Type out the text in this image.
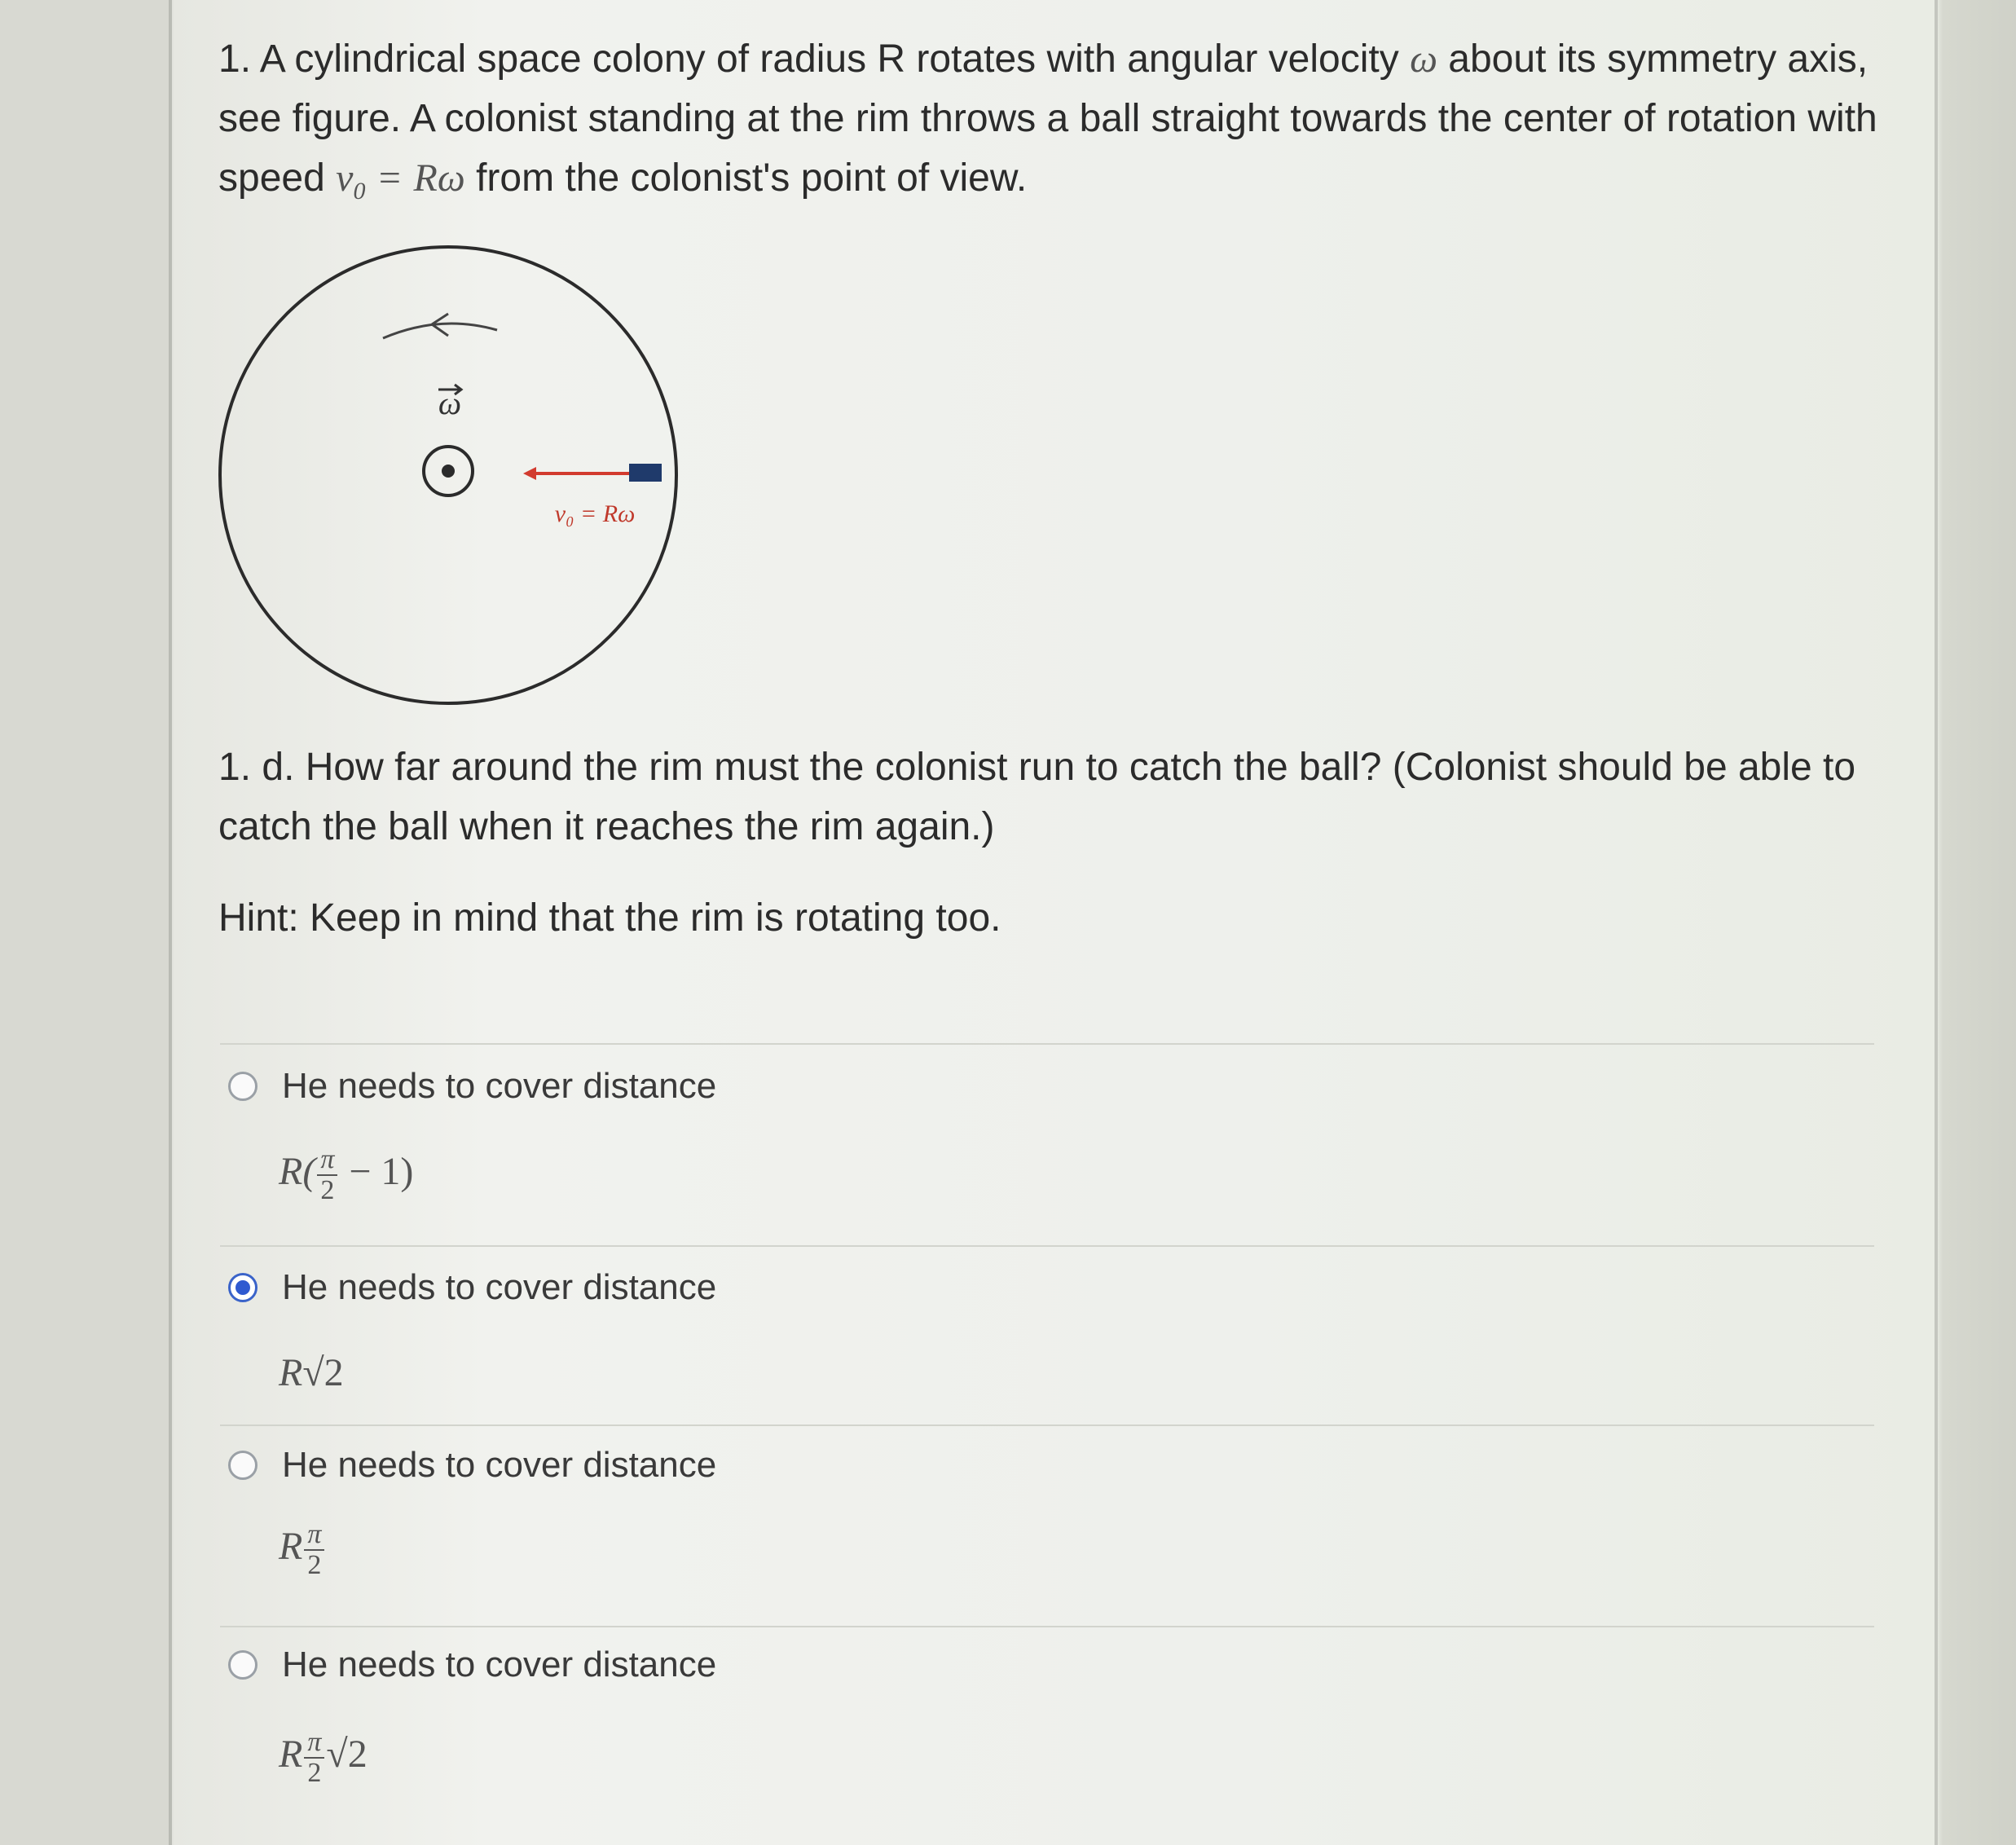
1. A cylindrical space colony of radius R rotates with angular velocity ω about its symmetry axis, see figure. A colonist standing at the rim throws a ball straight towards the center of rotation with speed $v_0 = R\omega$ from the colonist's point of view.
ω
v₀ = Rω
1. d. How far around the rim must the colonist run to catch the ball? (Colonist should be able to catch the ball when it reaches the rim again.)
Hint: Keep in mind that the rim is rotating too.
He needs to cover distance
$R( \frac{\pi}{2} - 1)$
He needs to cover distance
R√2
He needs to cover distance
R $\frac{\pi}{2}$
He needs to cover distance
R $\frac{\pi}{2} √2$
